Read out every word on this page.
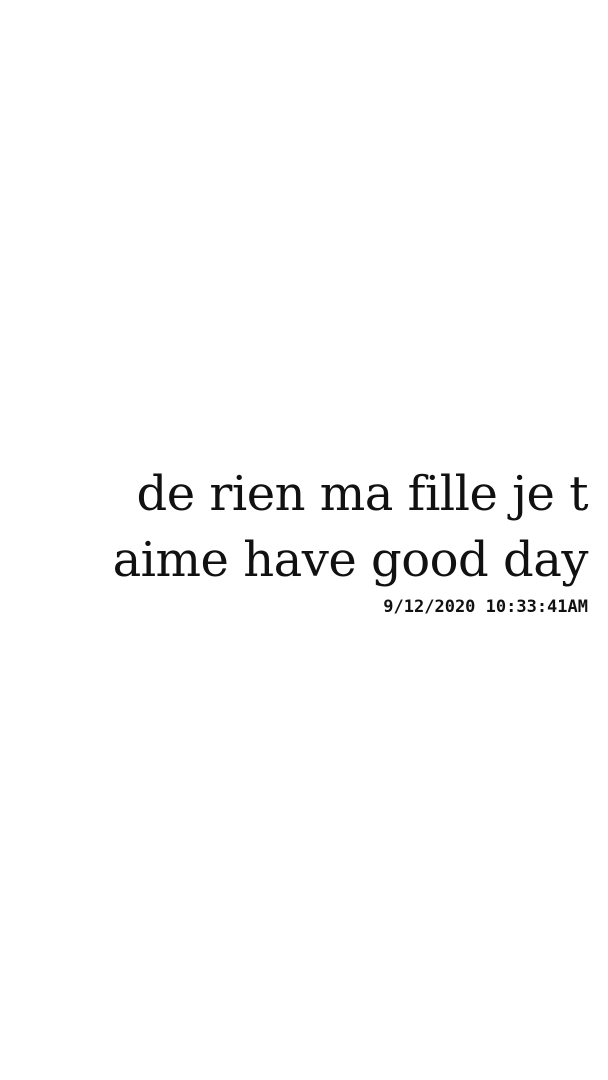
de rien ma fille je t
aime have good day
9/12/2020 10:33:41AM
